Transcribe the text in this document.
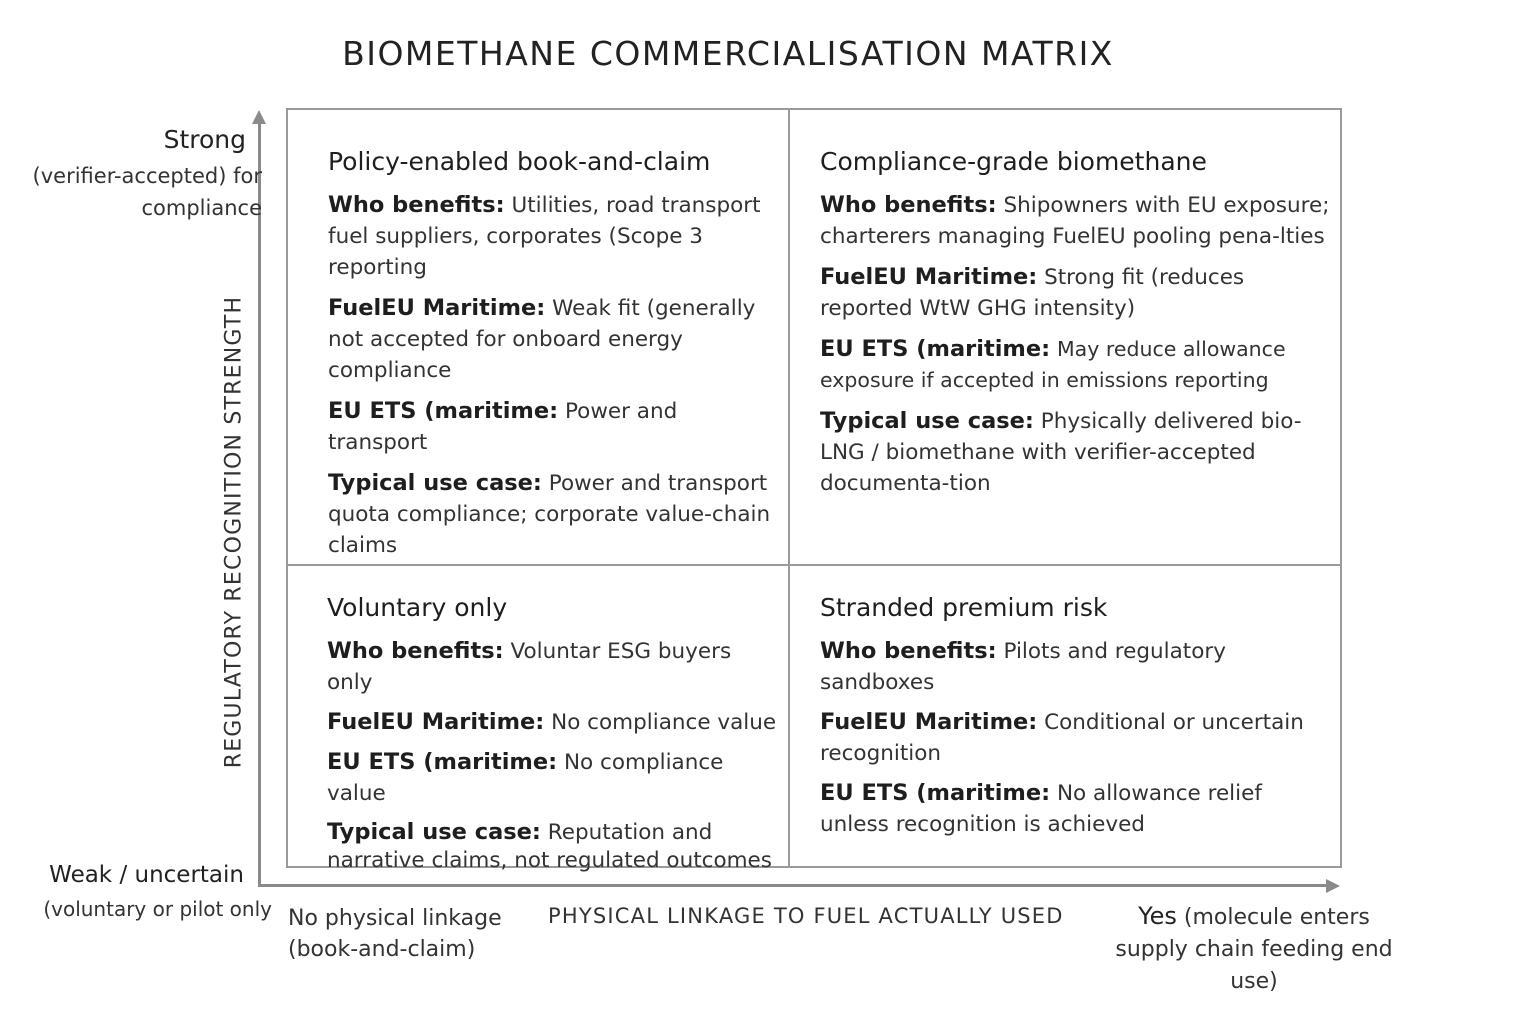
BIOMETHANE COMMERCIALISATION MATRIX
REGULATORY RECOGNITION STRENGTH
Strong
(verifier-accepted) for compliance
Weak / uncertain
(voluntary or pilot only No physical linkage (book-and-claim)
PHYSICAL LINKAGE TO FUEL ACTUALLY USED	Yes (molecule enters supply chain feeding end use)
Policy-enabled book-and-claim
Who benefits: Utilities, road transport fuel suppliers, corporates (Scope 3 reporting
FuelEU Maritime: Weak fit (generally not accepted for onboard energy compliance
EU ETS (maritime: Power and transport
Typical use case: Power and transport quota compliance; corporate value-chain claims
Compliance-grade biomethane
Who benefits: Shipowners with EU exposure; charterers managing FuelEU pooling pena-lties
FuelEU Maritime: Strong fit (reduces reported WtW GHG intensity)
EU ETS (maritime: May reduce allowance exposure if accepted in emissions reporting
Typical use case: Physically delivered bio-LNG / biomethane with verifier-accepted documenta-tion
Voluntary only
Who benefits: Voluntar ESG buyers only
FuelEU Maritime: No compliance value
EU ETS (maritime: No compliance value
Typical use case: Reputation and narrative claims, not regulated outcomes
Stranded premium risk
Who benefits: Pilots and regulatory sandboxes
FuelEU Maritime: Conditional or uncertain recognition
EU ETS (maritime: No allowance relief unless recognition is achieved
